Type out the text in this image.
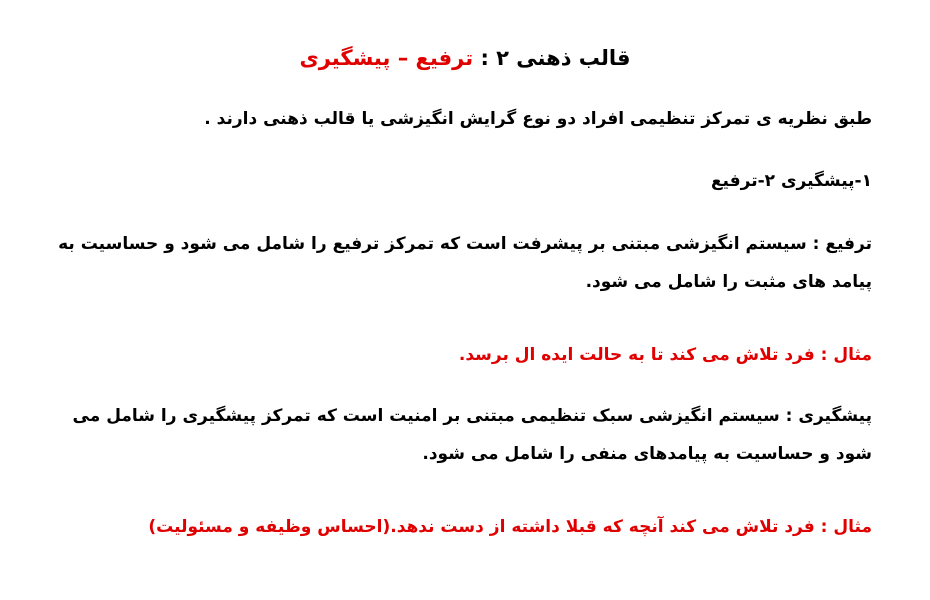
قالب ذهنی ۲ : ترفیع – پیشگیری
طبق نظریه ی تمرکز تنظیمی افراد دو نوع گرایش انگیزشی یا قالب ذهنی دارند .
۱-پیشگیری ۲-ترفیع
ترفیع : سیستم انگیزشی مبتنی بر پیشرفت است که تمرکز ترفیع را شامل می شود و حساسیت به پیامد های مثبت را شامل می شود.
مثال : فرد تلاش می کند تا به حالت ایده ال برسد.
پیشگیری : سیستم انگیزشی سبک تنظیمی مبتنی بر امنیت است که تمرکز پیشگیری را شامل می شود و حساسیت به پیامدهای منفی را شامل می شود.
مثال : فرد تلاش می کند آنچه که قبلا داشته از دست ندهد.(احساس وظیفه و مسئولیت)
